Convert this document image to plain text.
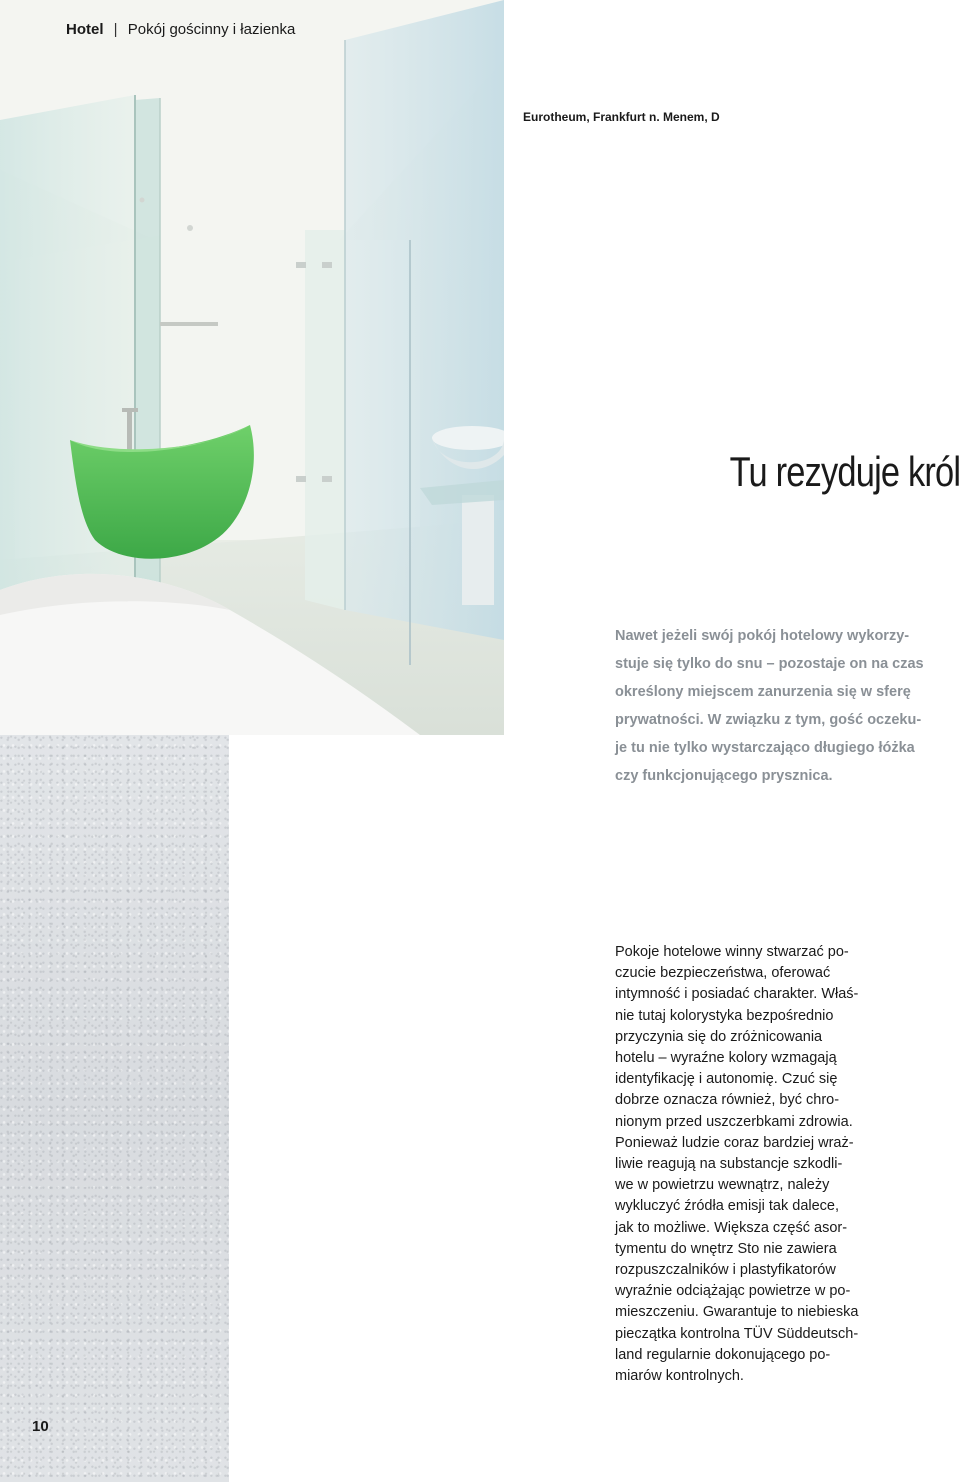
Hotel | Pokój gościnny i łazienka
Eurotheum, Frankfurt n. Menem, D
Tu rezyduje król
Nawet jeżeli swój pokój hotelowy wykorzy-
stuje się tylko do snu – pozostaje on na czas
określony miejscem zanurzenia się w sferę
prywatności. W związku z tym, gość oczeku-
je tu nie tylko wystarczająco długiego łóżka
czy funkcjonującego prysznica.
Pokoje hotelowe winny stwarzać po-
czucie bezpieczeństwa, oferować
intymność i posiadać charakter. Właś-
nie tutaj kolorystyka bezpośrednio
przyczynia się do zróżnicowania
hotelu – wyraźne kolory wzmagają
identyfikację i autonomię. Czuć się
dobrze oznacza również, być chro-
nionym przed uszczerbkami zdrowia.
Ponieważ ludzie coraz bardziej wraż-
liwie reagują na substancje szkodli-
we w powietrzu wewnątrz, należy
wykluczyć źródła emisji tak dalece,
jak to możliwe. Większa część asor-
tymentu do wnętrz Sto nie zawiera
rozpuszczalników i plastyfikatorów
wyraźnie odciążając powietrze w po-
mieszczeniu. Gwarantuje to niebieska
pieczątka kontrolna TÜV Süddeutsch-
land regularnie dokonującego po-
miarów kontrolnych.
10
